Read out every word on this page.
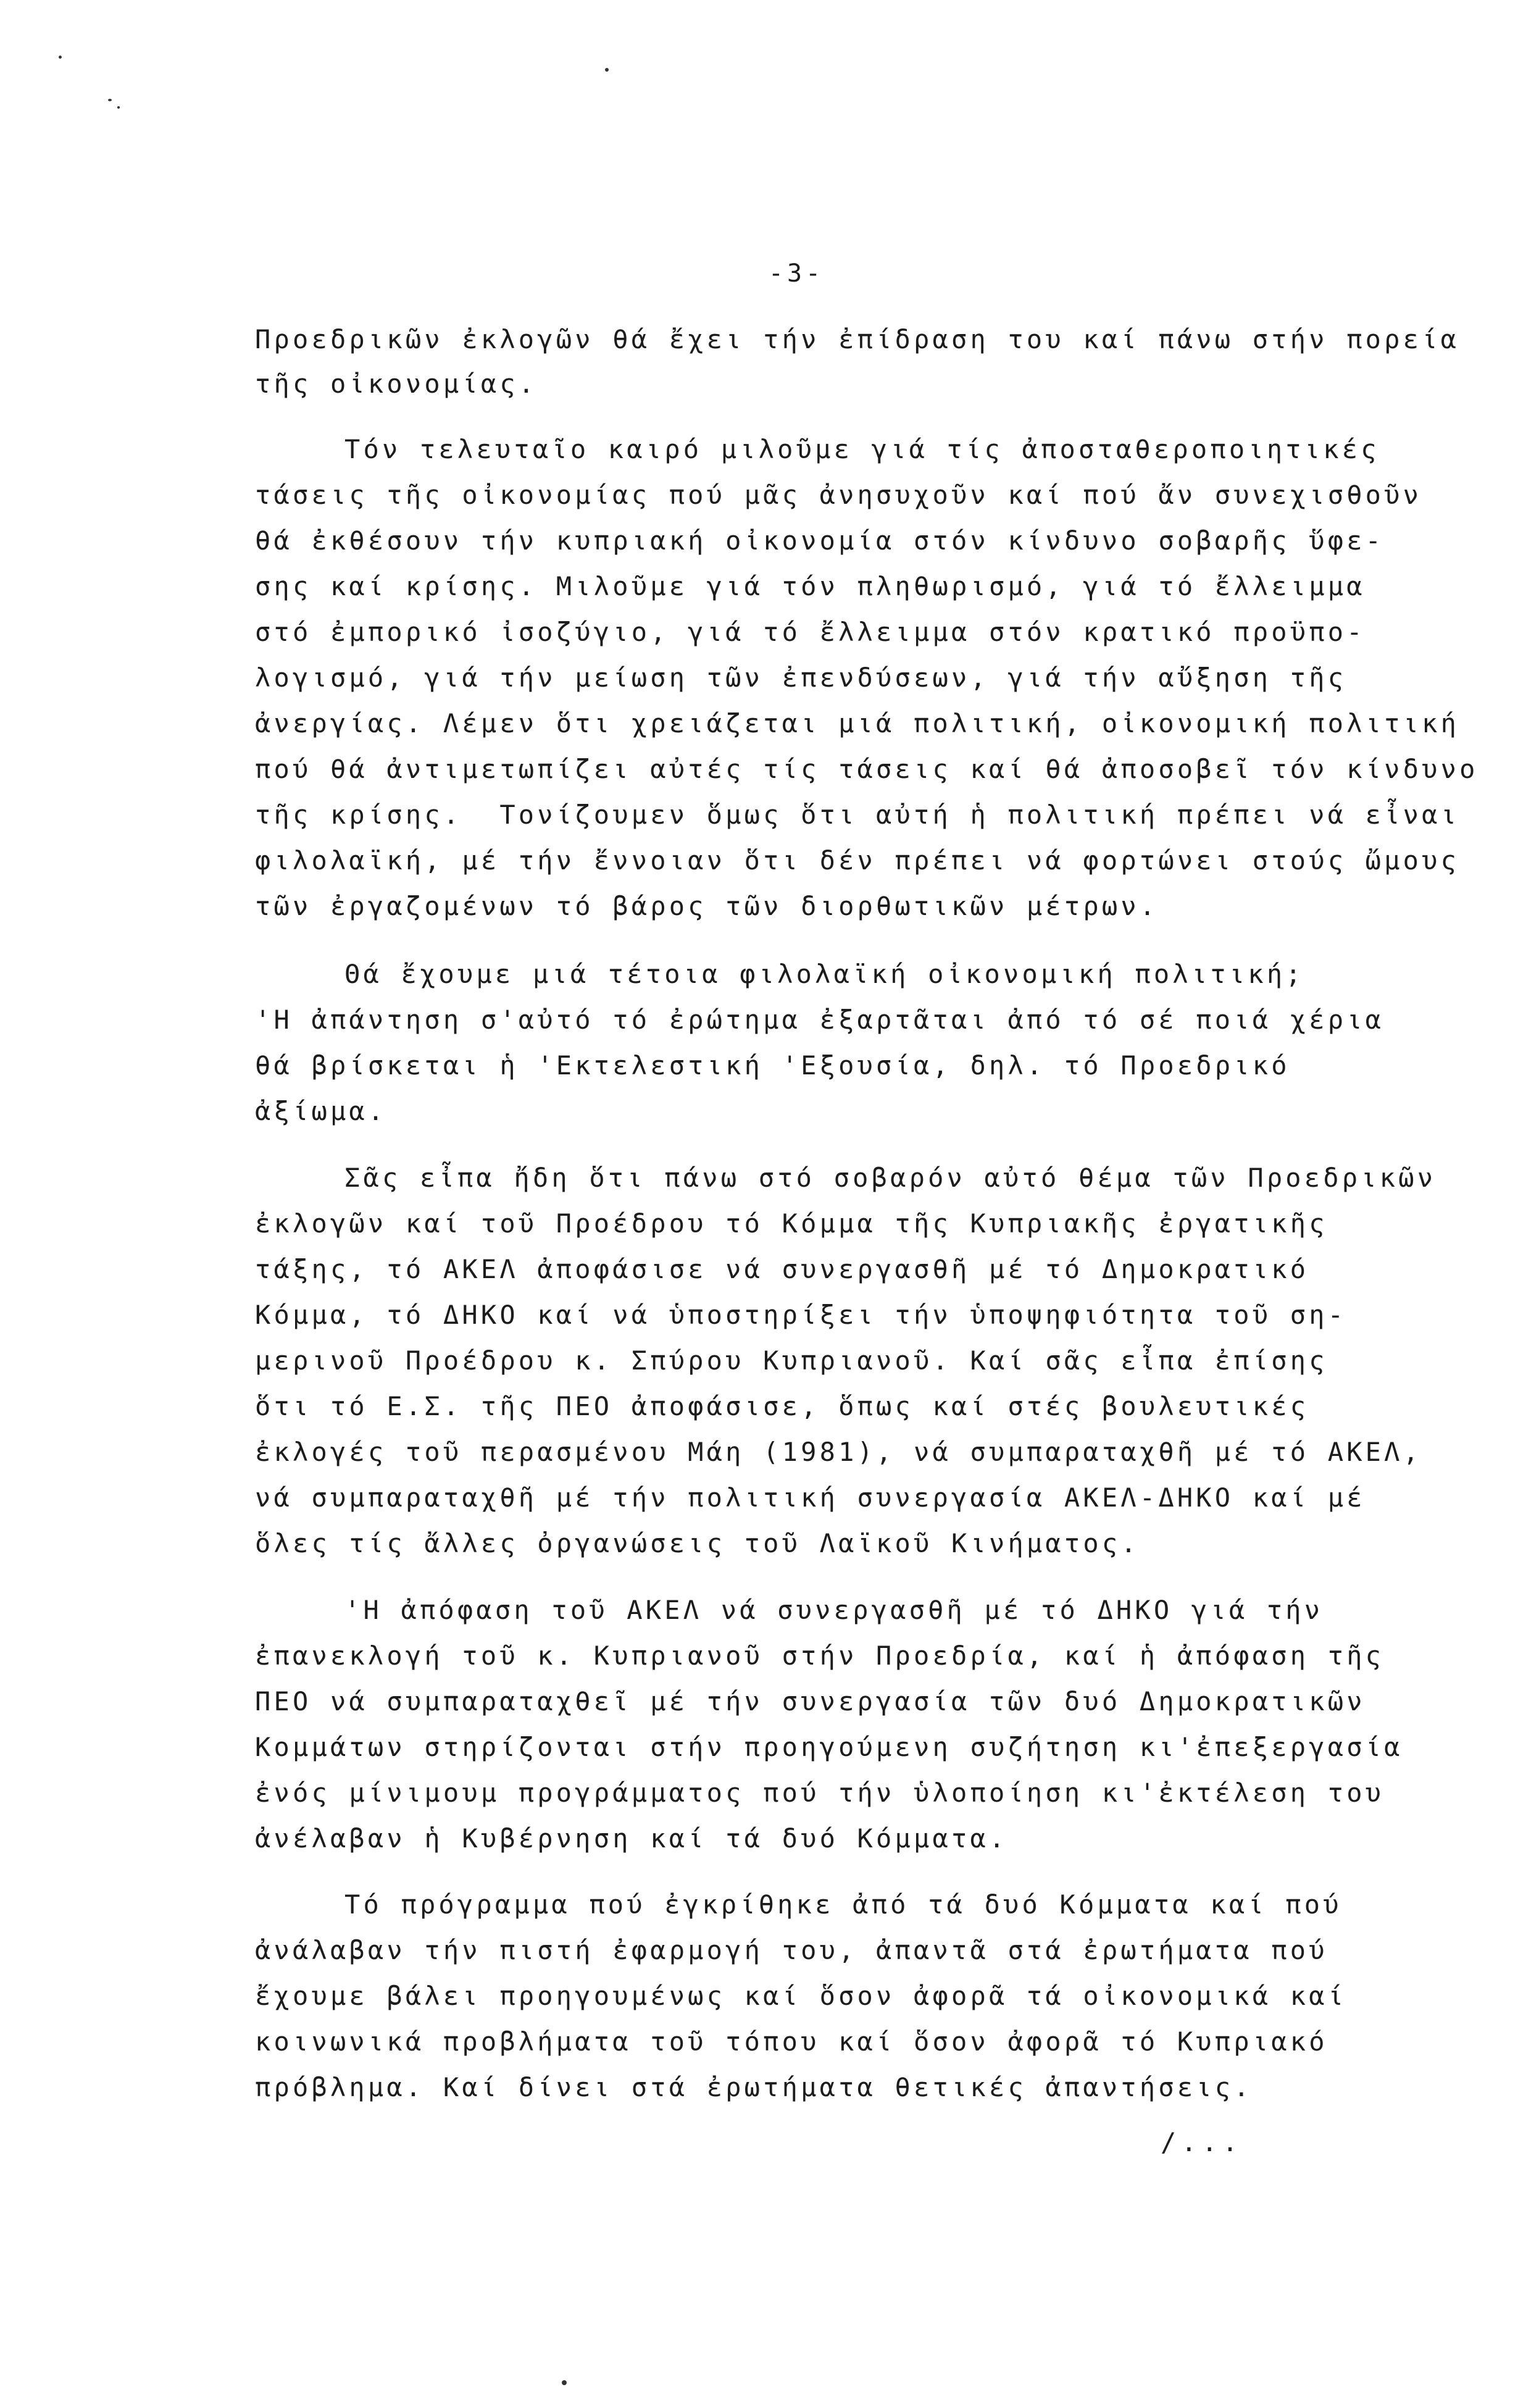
-3-
Προεδρικῶν ἐκλογῶν θά ἔχει τήν ἐπίδραση του καί πάνω στήν πορεία
τῆς οἰκονομίας.
Τόν τελευταῖο καιρό μιλοῦμε γιά τίς ἀποσταθεροποιητικές
τάσεις τῆς οἰκονομίας πού μᾶς ἀνησυχοῦν καί πού ἄν συνεχισθοῦν
θά ἐκθέσουν τήν κυπριακή οἰκονομία στόν κίνδυνο σοβαρῆς ὕφε-
σης καί κρίσης. Μιλοῦμε γιά τόν πληθωρισμό, γιά τό ἔλλειμμα
στό ἐμπορικό ἰσοζύγιο, γιά τό ἔλλειμμα στόν κρατικό προϋπο-
λογισμό, γιά τήν μείωση τῶν ἐπενδύσεων, γιά τήν αὔξηση τῆς
ἀνεργίας. Λέμεν ὅτι χρειάζεται μιά πολιτική, οἰκονομική πολιτική
πού θά ἀντιμετωπίζει αὐτές τίς τάσεις καί θά ἀποσοβεῖ τόν κίνδυνο
τῆς κρίσης.  Τονίζουμεν ὅμως ὅτι αὐτή ἡ πολιτική πρέπει νά εἶναι
φιλολαϊκή, μέ τήν ἔννοιαν ὅτι δέν πρέπει νά φορτώνει στούς ὤμους
τῶν ἐργαζομένων τό βάρος τῶν διορθωτικῶν μέτρων.
Θά ἔχουμε μιά τέτοια φιλολαϊκή οἰκονομική πολιτική;
'Η ἀπάντηση σ'αὐτό τό ἐρώτημα ἐξαρτᾶται ἀπό τό σέ ποιά χέρια
θά βρίσκεται ἡ 'Εκτελεστική 'Εξουσία, δηλ. τό Προεδρικό
ἀξίωμα.
Σᾶς εἶπα ἤδη ὅτι πάνω στό σοβαρόν αὐτό θέμα τῶν Προεδρικῶν
ἐκλογῶν καί τοῦ Προέδρου τό Κόμμα τῆς Κυπριακῆς ἐργατικῆς
τάξης, τό ΑΚΕΛ ἀποφάσισε νά συνεργασθῆ μέ τό Δημοκρατικό
Κόμμα, τό ΔΗΚΟ καί νά ὑποστηρίξει τήν ὑποψηφιότητα τοῦ ση-
μερινοῦ Προέδρου κ. Σπύρου Κυπριανοῦ. Καί σᾶς εἶπα ἐπίσης
ὅτι τό Ε.Σ. τῆς ΠΕΟ ἀποφάσισε, ὅπως καί στές βουλευτικές
ἐκλογές τοῦ περασμένου Μάη (1981), νά συμπαραταχθῆ μέ τό ΑΚΕΛ,
νά συμπαραταχθῆ μέ τήν πολιτική συνεργασία ΑΚΕΛ-ΔΗΚΟ καί μέ
ὅλες τίς ἄλλες ὀργανώσεις τοῦ Λαϊκοῦ Κινήματος.
'Η ἀπόφαση τοῦ ΑΚΕΛ νά συνεργασθῆ μέ τό ΔΗΚΟ γιά τήν
ἐπανεκλογή τοῦ κ. Κυπριανοῦ στήν Προεδρία, καί ἡ ἀπόφαση τῆς
ΠΕΟ νά συμπαραταχθεῖ μέ τήν συνεργασία τῶν δυό Δημοκρατικῶν
Κομμάτων στηρίζονται στήν προηγούμενη συζήτηση κι'ἐπεξεργασία
ἐνός μίνιμουμ προγράμματος πού τήν ὑλοποίηση κι'ἐκτέλεση του
ἀνέλαβαν ἡ Κυβέρνηση καί τά δυό Κόμματα.
Τό πρόγραμμα πού ἐγκρίθηκε ἀπό τά δυό Κόμματα καί πού
ἀνάλαβαν τήν πιστή ἐφαρμογή του, ἀπαντᾶ στά ἐρωτήματα πού
ἔχουμε βάλει προηγουμένως καί ὅσον ἀφορᾶ τά οἰκονομικά καί
κοινωνικά προβλήματα τοῦ τόπου καί ὅσον ἀφορᾶ τό Κυπριακό
πρόβλημα. Καί δίνει στά ἐρωτήματα θετικές ἀπαντήσεις.
/...
